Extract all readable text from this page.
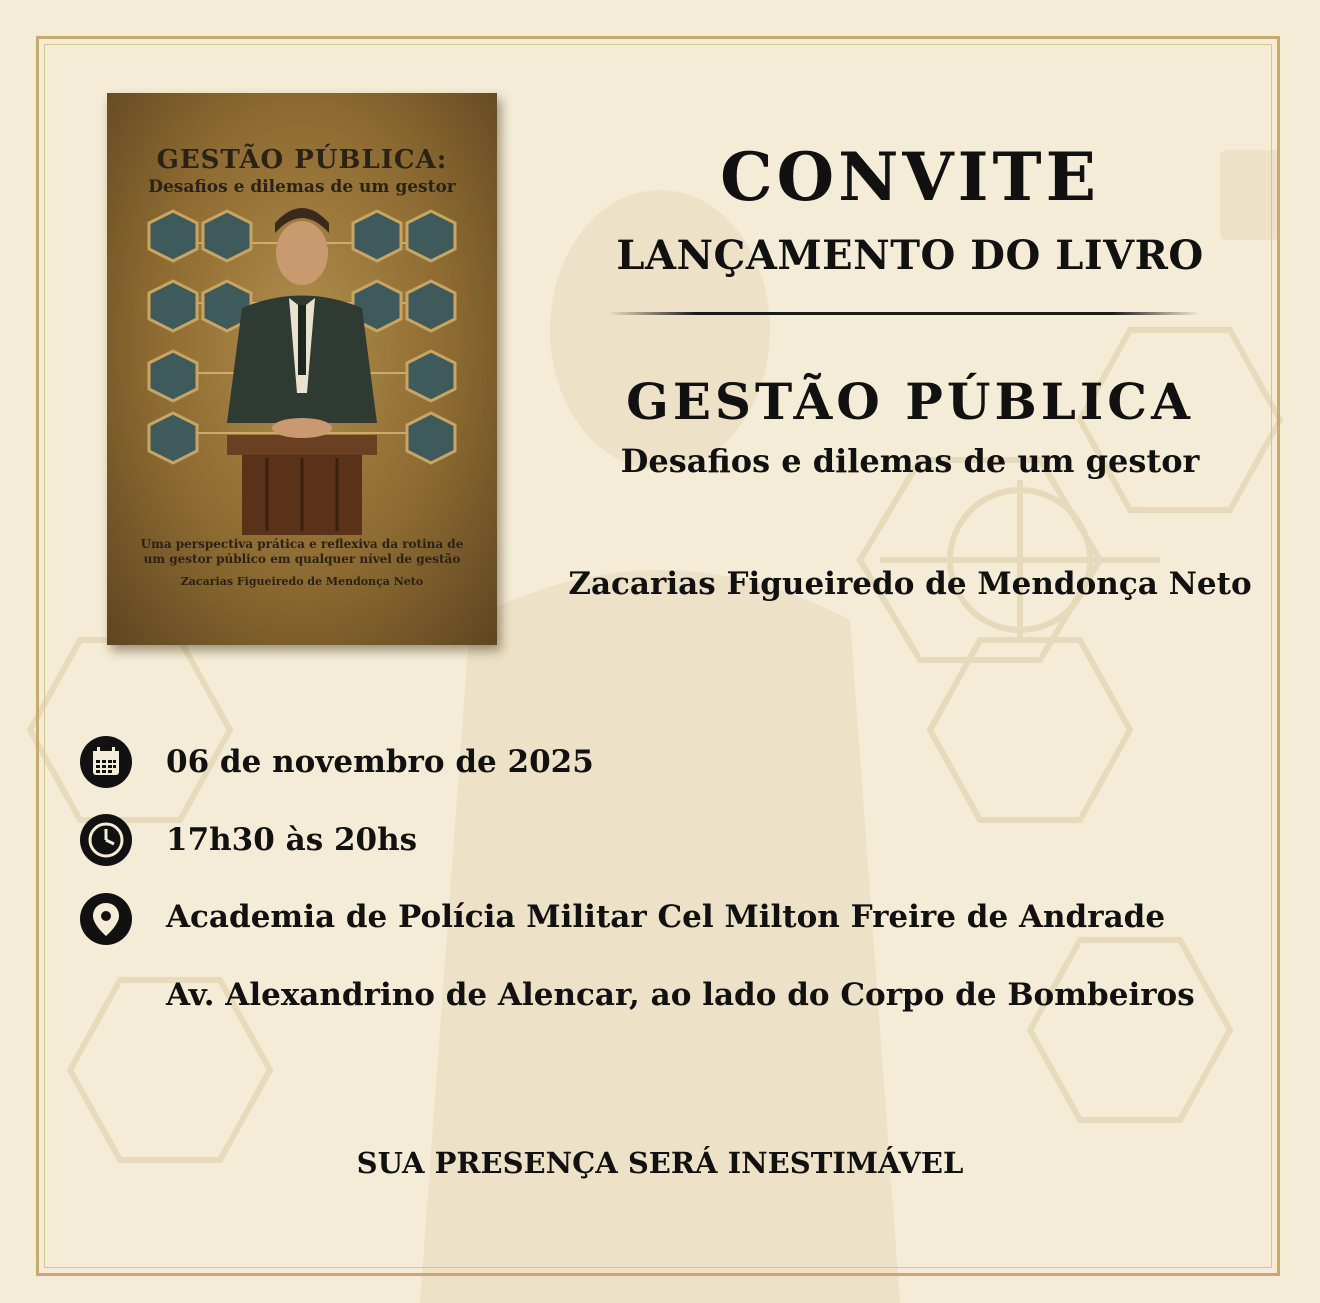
GESTÃO PÚBLICA:
Desafios e dilemas de um gestor
Uma perspectiva prática e reflexiva da rotina de
um gestor público em qualquer nível de gestão
Zacarias Figueiredo de Mendonça Neto
CONVITE
LANÇAMENTO DO LIVRO
GESTÃO PÚBLICA
Desafios e dilemas de um gestor
Zacarias Figueiredo de Mendonça Neto
06 de novembro de 2025
17h30 às 20hs
Academia de Polícia Militar Cel Milton Freire de Andrade
Av. Alexandrino de Alencar, ao lado do Corpo de Bombeiros
SUA PRESENÇA SERÁ INESTIMÁVEL
